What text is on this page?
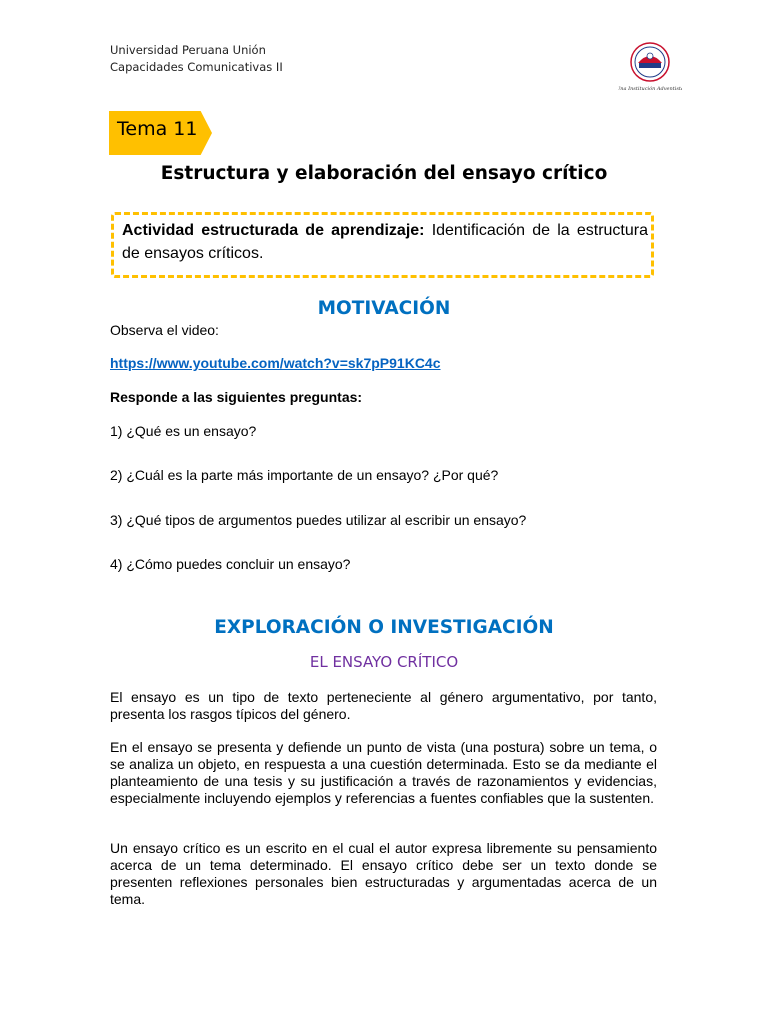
Universidad Peruana Unión
Capacidades Comunicativas II
Una Institución Adventista
Tema 11
Estructura y elaboración del ensayo crítico
Actividad estructurada de aprendizaje: Identificación de la estructura de ensayos críticos.
MOTIVACIÓN
Observa el video:
https://www.youtube.com/watch?v=sk7pP91KC4c
Responde a las siguientes preguntas:
1) ¿Qué es un ensayo?
2) ¿Cuál es la parte más importante de un ensayo? ¿Por qué?
3) ¿Qué tipos de argumentos puedes utilizar al escribir un ensayo?
4) ¿Cómo puedes concluir un ensayo?
EXPLORACIÓN O INVESTIGACIÓN
EL ENSAYO CRÍTICO
El ensayo es un tipo de texto perteneciente al género argumentativo, por tanto, presenta los rasgos típicos del género.
En el ensayo se presenta y defiende un punto de vista (una postura) sobre un tema, o se analiza un objeto, en respuesta a una cuestión determinada. Esto se da mediante el planteamiento de una tesis y su justificación a través de razonamientos y evidencias, especialmente incluyendo ejemplos y referencias a fuentes confiables que la sustenten.
Un ensayo crítico es un escrito en el cual el autor expresa libremente su pensamiento acerca de un tema determinado. El ensayo crítico debe ser un texto donde se presenten reflexiones personales bien estructuradas y argumentadas acerca de un tema.
